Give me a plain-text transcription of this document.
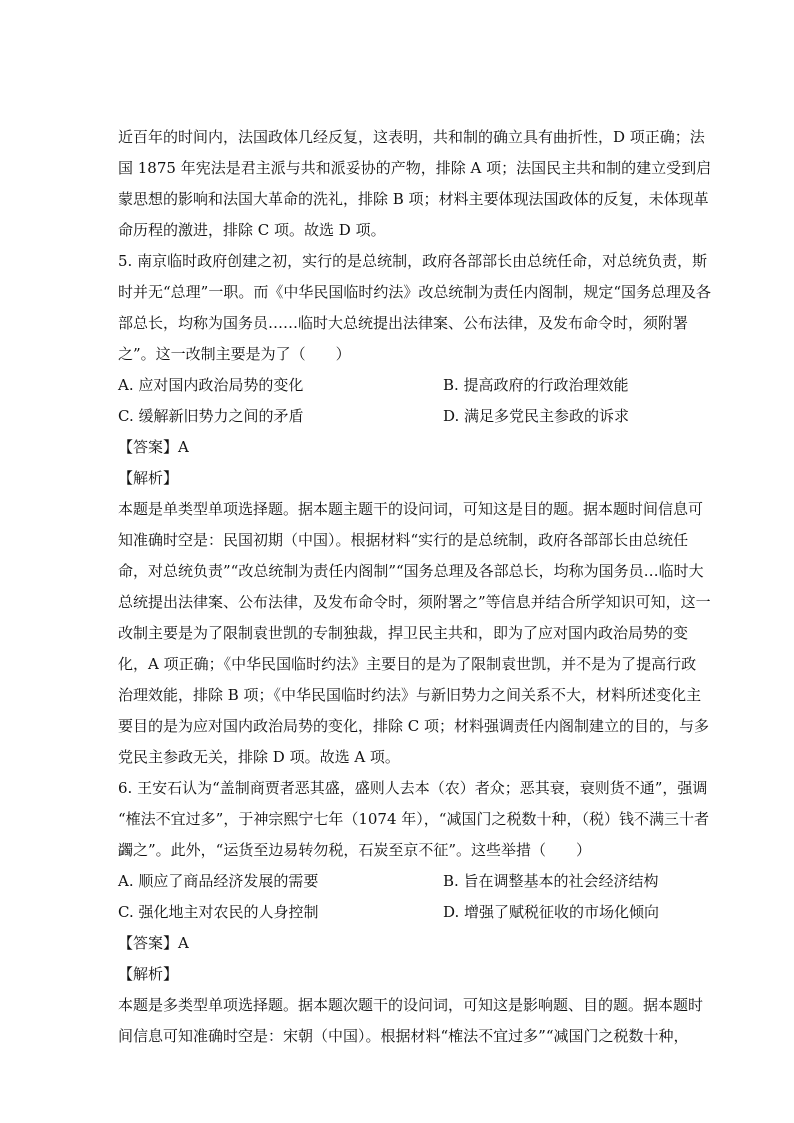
近百年的时间内，法国政体几经反复，这表明，共和制的确立具有曲折性，D 项正确；法
国 1875 年宪法是君主派与共和派妥协的产物，排除 A 项；法国民主共和制的建立受到启
蒙思想的影响和法国大革命的洗礼，排除 B 项；材料主要体现法国政体的反复，未体现革
命历程的激进，排除 C 项。故选 D 项。
5. 南京临时政府创建之初，实行的是总统制，政府各部部长由总统任命，对总统负责，斯
时并无“总理”一职。而《中华民国临时约法》改总统制为责任内阁制，规定“国务总理及各
部总长，均称为国务员……临时大总统提出法律案、公布法律，及发布命令时，须附署
之”。这一改制主要是为了（　　）
A. 应对国内政治局势的变化	B. 提高政府的行政治理效能
C. 缓解新旧势力之间的矛盾	D. 满足多党民主参政的诉求
【答案】A
【解析】
本题是单类型单项选择题。据本题主题干的设问词，可知这是目的题。据本题时间信息可
知准确时空是：民国初期（中国）。根据材料“实行的是总统制，政府各部部长由总统任
命，对总统负责”“改总统制为责任内阁制”“国务总理及各部总长，均称为国务员…临时大
总统提出法律案、公布法律，及发布命令时，须附署之”等信息并结合所学知识可知，这一
改制主要是为了限制袁世凯的专制独裁，捍卫民主共和，即为了应对国内政治局势的变
化，A 项正确；《中华民国临时约法》主要目的是为了限制袁世凯，并不是为了提高行政
治理效能，排除 B 项；《中华民国临时约法》与新旧势力之间关系不大，材料所述变化主
要目的是为应对国内政治局势的变化，排除 C 项；材料强调责任内阁制建立的目的，与多
党民主参政无关，排除 D 项。故选 A 项。
6. 王安石认为“盖制商贾者恶其盛，盛则人去本（农）者众；恶其衰，衰则货不通”，强调
“榷法不宜过多”，于神宗熙宁七年（1074 年），“减国门之税数十种，（税）钱不满三十者
蠲之”。此外，“运货至边易转勿税，石炭至京不征”。这些举措（　　）
A. 顺应了商品经济发展的需要	B. 旨在调整基本的社会经济结构
C. 强化地主对农民的人身控制	D. 增强了赋税征收的市场化倾向
【答案】A
【解析】
本题是多类型单项选择题。据本题次题干的设问词，可知这是影响题、目的题。据本题时
间信息可知准确时空是：宋朝（中国）。根据材料“榷法不宜过多”“减国门之税数十种，
